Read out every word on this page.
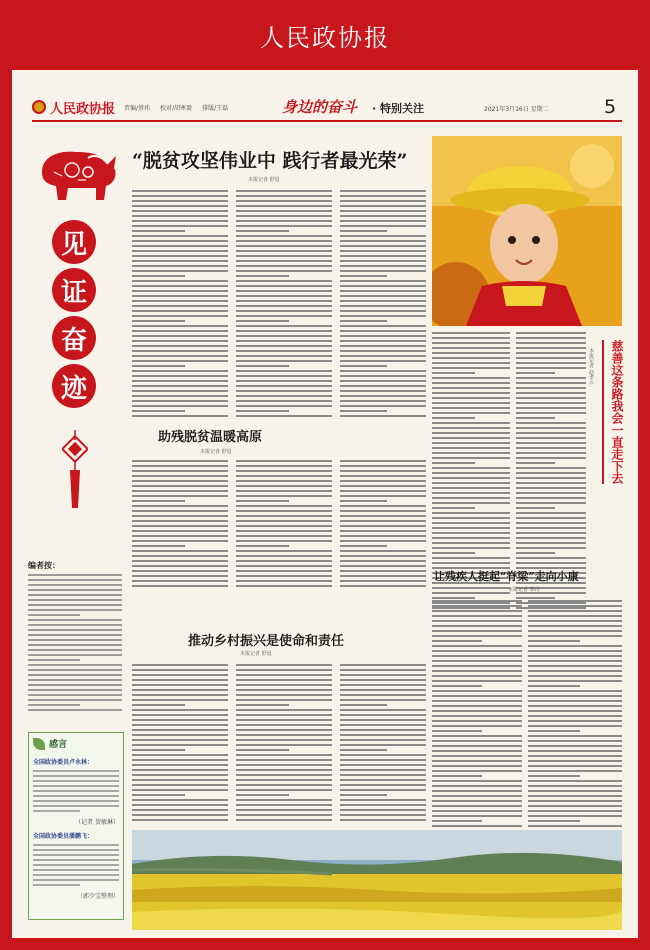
人民政协报
人民政协报 责编/蔡玮 校对/胡寒盈 排版/王磊	身边的奋斗 · 特别关注	2021年3月16日 星期二	5
见
证
奋
迹
编者按：
感言
全国政协委员卢永林：
（记者 贺敏琳）
全国政协委员潘鹏飞：
（郭少宝整理）
“脱贫攻坚伟业中 践行者最光荣”
本报记者 舒设
助残脱贫温暖高原
本报记者 舒设
推动乡村振兴是使命和责任
本报记者 舒设
让残疾人挺起“脊梁”走向小康
本报记者 郑丹
慈善这条路我会一直走下去
本报记者 赵孝云
